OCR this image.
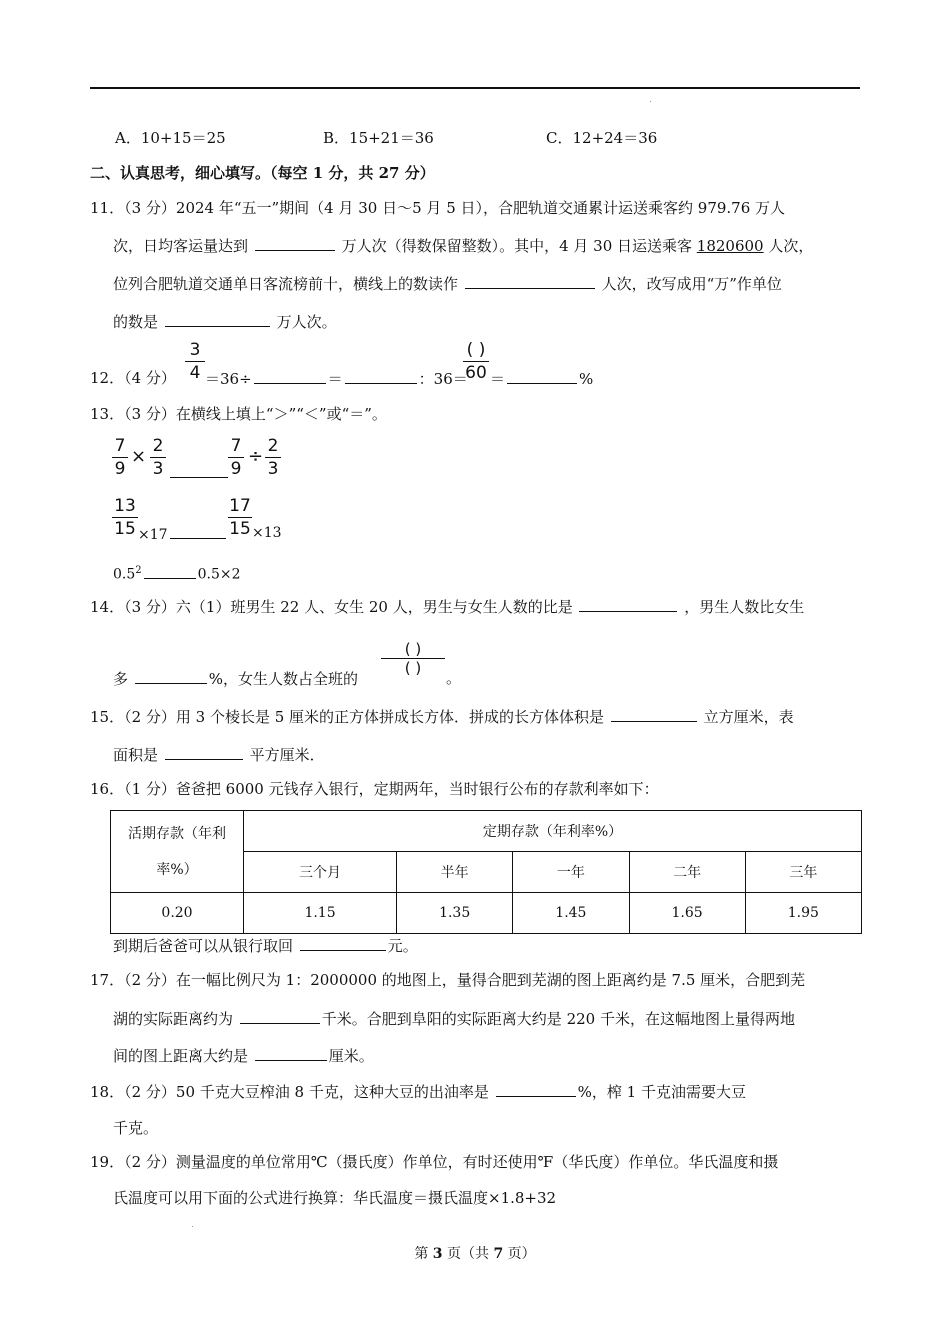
A．10+15＝25	B．15+21＝36	C．12+24＝36
二、认真思考，细心填写。（每空 1 分，共 27 分）
11．（3 分）2024 年“五一”期间（4 月 30 日～5 月 5 日），合肥轨道交通累计运送乘客约 979.76 万人
次，日均客运量达到	万人次（得数保留整数）。其中，4 月 30 日运送乘客 1820600 人次，
位列合肥轨道交通单日客流榜前十，横线上的数读作	人次，改写成用“万”作单位
的数是	万人次。
12．（4 分）
3
4 ＝36÷	＝	：36＝
( )
60 ＝	%
13．（3 分）在横线上填上“＞”“＜”或“＝”。
7
9
× 2
3
7
9
÷ 2
3
13
15 ×17
17
15 ×13
$0.5^2$	0.5×2
14．（3 分）六（1）班男生 22 人、女生 20 人，男生与女生人数的比是	，男生人数比女生
多	%，女生人数占全班的
( )
( )
。
15．（2 分）用 3 个棱长是 5 厘米的正方体拼成长方体．拼成的长方体体积是	立方厘米，表
面积是	平方厘米．
16．（1 分）爸爸把 6000 元钱存入银行，定期两年，当时银行公布的存款利率如下：
活期存款（年利
率%）	定期存款（年利率%）				
	三个月	半年	一年	二年	三年
0.20	1.15	1.35	1.45	1.65	1.95
到期后爸爸可以从银行取回	元。
17．（2 分）在一幅比例尺为 1：2000000 的地图上，量得合肥到芜湖的图上距离约是 7.5 厘米，合肥到芜
湖的实际距离约为	千米。合肥到阜阳的实际距离大约是 220 千米，在这幅地图上量得两地
间的图上距离大约是	厘米。
18．（2 分）50 千克大豆榨油 8 千克，这种大豆的出油率是	%，榨 1 千克油需要大豆
千克。
19．（2 分）测量温度的单位常用℃（摄氏度）作单位，有时还使用℉（华氏度）作单位。华氏温度和摄
氏温度可以用下面的公式进行换算：华氏温度＝摄氏温度×1.8+32
第 3 页（共 7 页）
